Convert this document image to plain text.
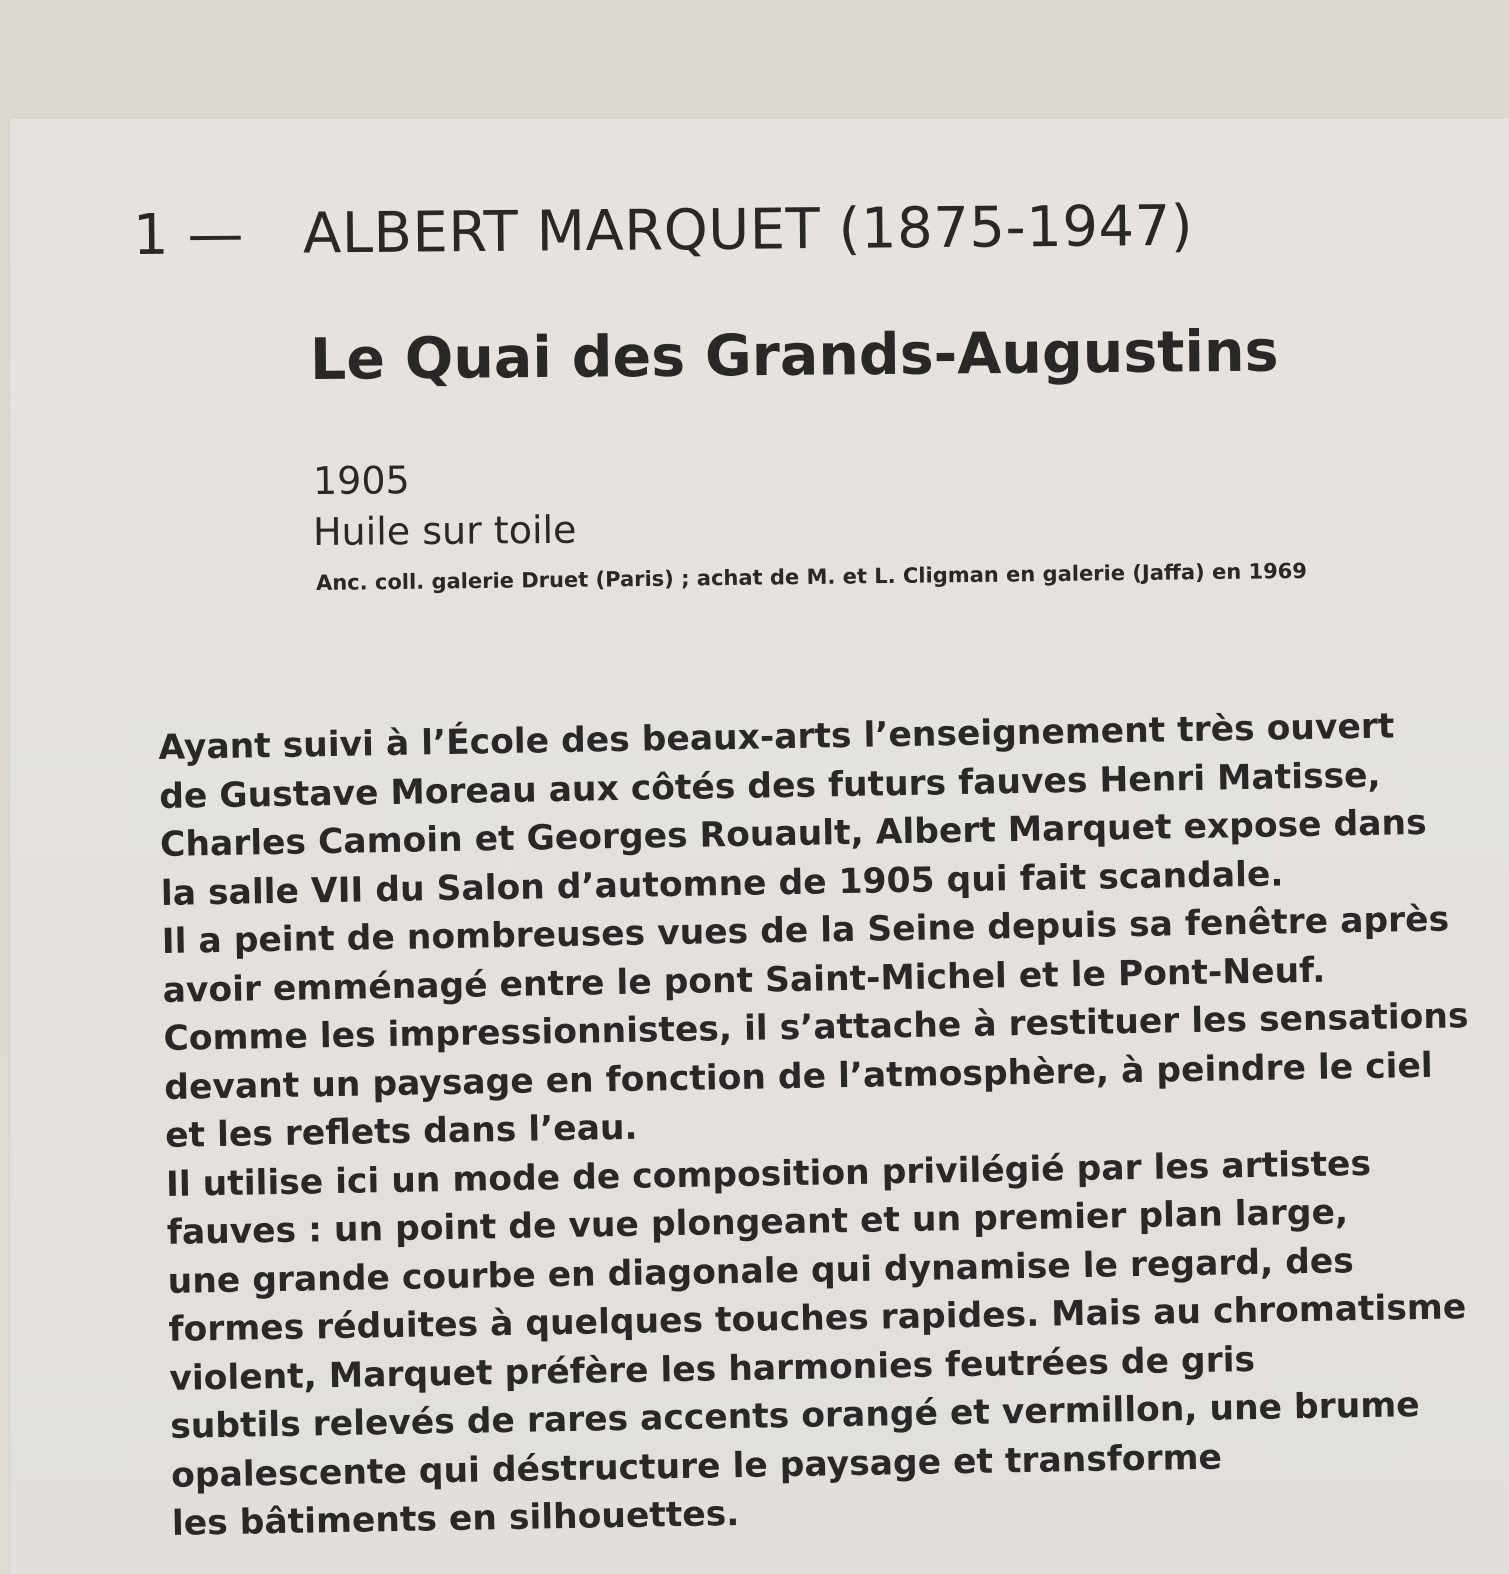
1 — ALBERT MARQUET (1875-1947)
Le Quai des Grands-Augustins
1905
Huile sur toile
Anc. coll. galerie Druet (Paris) ; achat de M. et L. Cligman en galerie (Jaffa) en 1969
Ayant suivi à l’École des beaux-arts l’enseignement très ouvert
de Gustave Moreau aux côtés des futurs fauves Henri Matisse,
Charles Camoin et Georges Rouault, Albert Marquet expose dans
la salle VII du Salon d’automne de 1905 qui fait scandale.
Il a peint de nombreuses vues de la Seine depuis sa fenêtre après
avoir emménagé entre le pont Saint-Michel et le Pont-Neuf.
Comme les impressionnistes, il s’attache à restituer les sensations
devant un paysage en fonction de l’atmosphère, à peindre le ciel
et les reflets dans l’eau.
Il utilise ici un mode de composition privilégié par les artistes
fauves : un point de vue plongeant et un premier plan large,
une grande courbe en diagonale qui dynamise le regard, des
formes réduites à quelques touches rapides. Mais au chromatisme
violent, Marquet préfère les harmonies feutrées de gris
subtils relevés de rares accents orangé et vermillon, une brume
opalescente qui déstructure le paysage et transforme
les bâtiments en silhouettes.
